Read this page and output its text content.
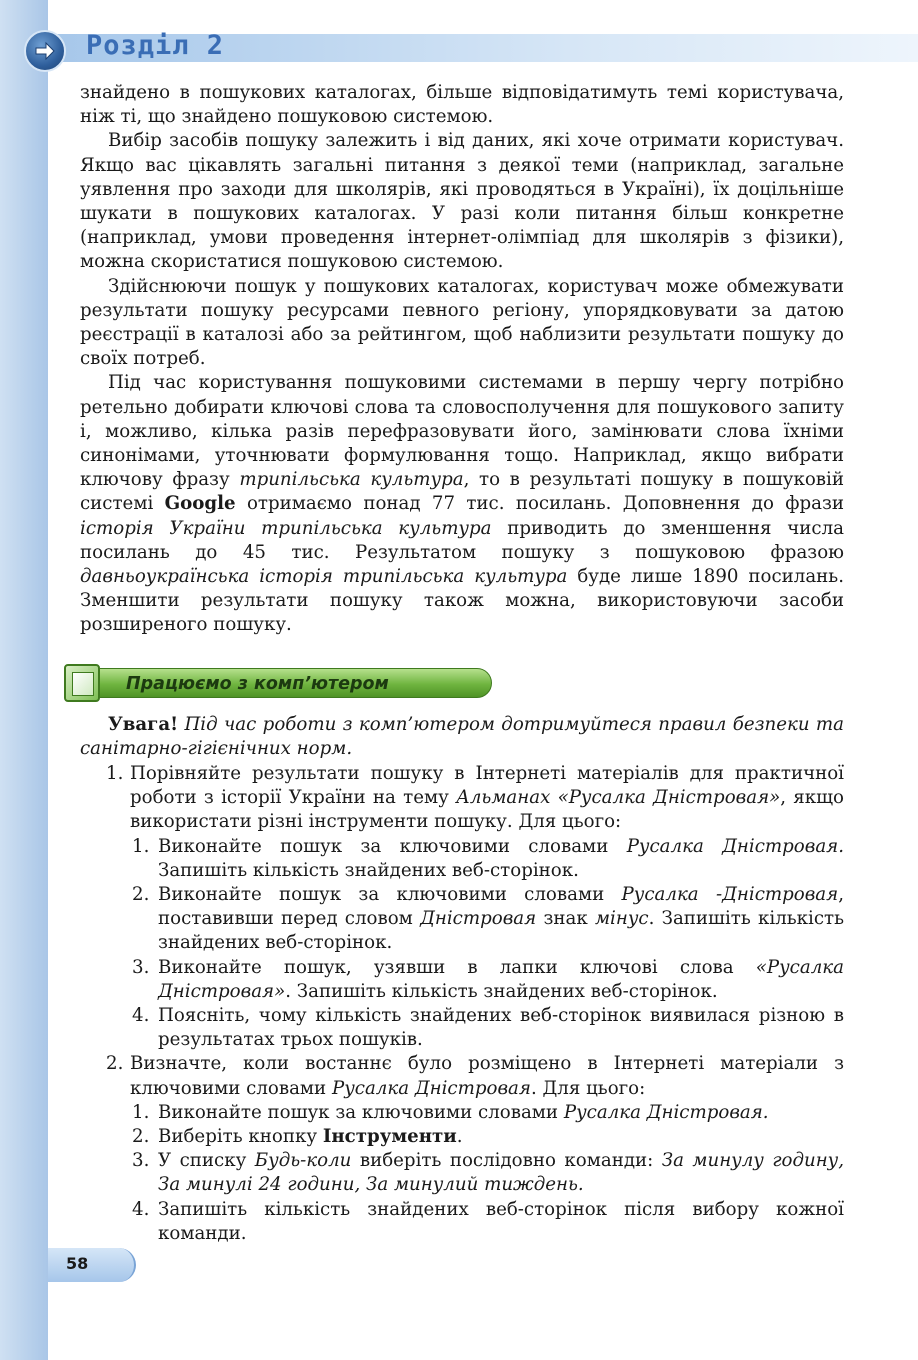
Розділ 2

знайдено в пошукових каталогах, більше відповідатимуть темі користувача, ніж ті, що знайдено пошуковою системою.

Вибір засобів пошуку залежить і від даних, які хоче отримати користувач. Якщо вас цікавлять загальні питання з деякої теми (наприклад, загальне уявлення про заходи для школярів, які проводяться в Україні), їх доцільніше шукати в пошукових каталогах. У разі коли питання більш конкретне (наприклад, умови проведення інтернет-олімпіад для школярів з фізики), можна скористатися пошуковою системою.

Здійснюючи пошук у пошукових каталогах, користувач може обмежувати результати пошуку ресурсами певного регіону, упорядковувати за датою реєстрації в каталозі або за рейтингом, щоб наблизити результати пошуку до своїх потреб.

Під час користування пошуковими системами в першу чергу потрібно ретельно добирати ключові слова та словосполучення для пошукового запиту і, можливо, кілька разів перефразовувати його, замінювати слова їхніми синонімами, уточнювати формулювання тощо. Наприклад, якщо вибрати ключову фразу трипільська культура, то в результаті пошуку в пошуковій системі Google отримаємо понад 77 тис. посилань. Доповнення до фрази історія України трипільська культура приводить до зменшення числа посилань до 45 тис. Результатом пошуку з пошуковою фразою давньоукраїнська історія трипільська культура буде лише 1890 посилань. Зменшити результати пошуку також можна, використовуючи засоби розширеного пошуку.

Працюємо з комп’ютером

Увага! Під час роботи з комп’ютером дотримуйтеся правил безпеки та санітарно-гігієнічних норм.

1. Порівняйте результати пошуку в Інтернеті матеріалів для практичної роботи з історії України на тему Альманах «Русалка Дністровая», якщо використати різні інструменти пошуку. Для цього:
1. Виконайте пошук за ключовими словами Русалка Дністровая. Запишіть кількість знайдених веб-сторінок.
2. Виконайте пошук за ключовими словами Русалка -Дністровая, поставивши перед словом Дністровая знак мінус. Запишіть кількість знайдених веб-сторінок.
3. Виконайте пошук, узявши в лапки ключові слова «Русалка Дністровая». Запишіть кількість знайдених веб-сторінок.
4. Поясніть, чому кількість знайдених веб-сторінок виявилася різною в результатах трьох пошуків.
2. Визначте, коли востаннє було розміщено в Інтернеті матеріали з ключовими словами Русалка Дністровая. Для цього:
1. Виконайте пошук за ключовими словами Русалка Дністровая.
2. Виберіть кнопку Інструменти.
3. У списку Будь-коли виберіть послідовно команди: За минулу годину, За минулі 24 години, За минулий тиждень.
4. Запишіть кількість знайдених веб-сторінок після вибору кожної команди.
58
